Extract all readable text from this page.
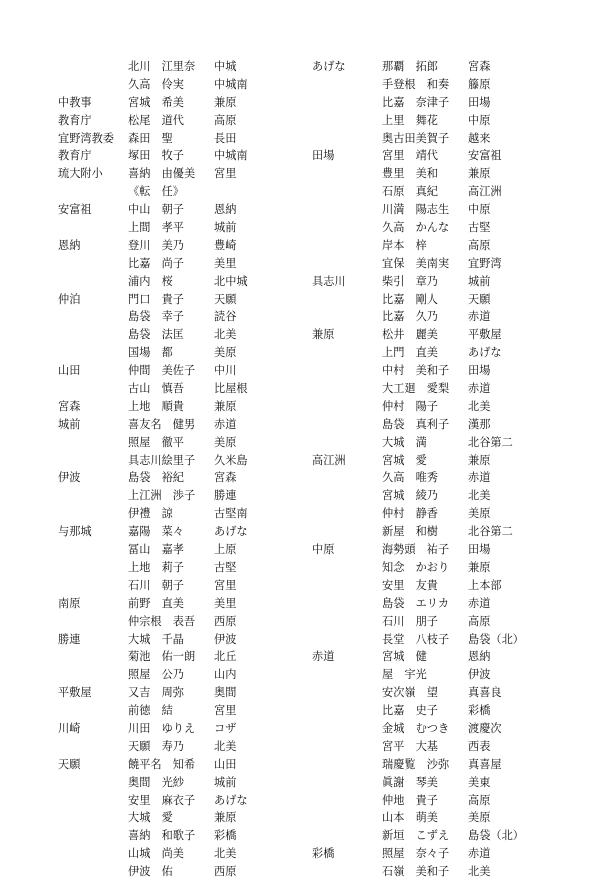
北川　江里奈 中城
久高　伶実	中城南
中教事	宮城　希美	兼原
教育庁	松尾　道代	高原
宜野湾教委 森田　聖	長田
教育庁	塚田　牧子	中城南
琉大附小 喜納　由優美 宮里
《転　任》
安富祖	中山　朝子	恩納
上間　孝平	城前
恩納	登川　美乃	豊崎
比嘉　尚子	美里
浦内　桜	北中城
仲泊	門口　貴子	天願
島袋　幸子	読谷
島袋　法匡	北美
国場　都	美原
山田	仲間　美佐子 中川
古山　慎吾	比屋根
宮森	上地　順貴	兼原
城前	喜友名　健男 赤道
照屋　徹平	美原
具志川絵里子 久米島
伊波	島袋　裕紀	宮森
上江洲　渉子 勝連
伊禮　諒	古堅南
与那城	嘉陽　菜々	あげな
冨山　嘉孝	上原
上地　莉子	古堅
石川　朝子	宮里
南原	前野　直美	美里
仲宗根　表吾 西原
勝連	大城　千晶	伊波
菊池　佑一朗 北丘
照屋　公乃	山内
平敷屋	又吉　周弥	奥間
前徳　結	宮里
川崎	川田　ゆりえ コザ
天願　寿乃	北美
天願	饒平名　知希 山田
奥間　光紗	城前
安里　麻衣子 あげな
大城　愛	兼原
喜納　和歌子 彩橋
山城　尚美	北美
伊波　佑	西原
あげな	那覇　拓郎	宮森
手登根　和奏 籐原
比嘉　奈津子 田場
上里　舞花	中原
奥古田美賀子 越来
田場	宮里　靖代	安富祖
豊里　美和	兼原
石原　真紀	高江洲
川満　陽志生 中原
久高　かんな 古堅
岸本　梓	高原
宜保　美南実 宜野湾
具志川	柴引　章乃	城前
比嘉　剛人	天願
比嘉　久乃	赤道
兼原	松井　麗美	平敷屋
上門　直美	あげな
中村　美和子 田場
大工廻　愛梨 赤道
仲村　陽子	北美
島袋　真利子 漢那
大城　満	北谷第二
高江洲	宮城　愛	兼原
久高　唯秀	赤道
宮城　綾乃	北美
仲村　静香	美原
新屋　和樹	北谷第二
中原	海勢頭　祐子 田場
知念　かおり 兼原
安里　友貴	上本部
島袋　エリカ 赤道
石川　朋子	高原
長堂　八枝子 島袋（北）
赤道	宮城　健	恩納
屋　宇光	伊波
安次嶺　望	真喜良
比嘉　史子	彩橋
金城　むつき 渡慶次
宮平　大基	西表
瑞慶覧　沙弥 真喜屋
眞謝　琴美	美東
仲地　貴子	高原
山本　萌美	美原
新垣　こずえ 島袋（北）
彩橋	照屋　奈々子 赤道
石嶺　美和子 北美
